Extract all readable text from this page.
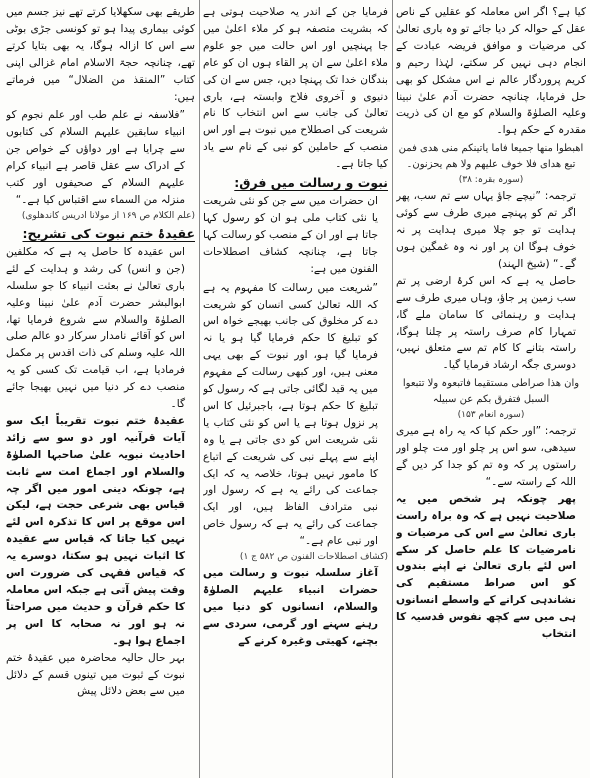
کیا ہے؟ اگر اس معاملہ کو عقلیں کے ناص عقل کے حوالہ کر دیا جائے تو وہ باری تعالیٰ کی مرضیات و موافق فریضہ عبادت کے انجام دہی نہیں کر سکتے، لہٰذا رحیم و کریم پروردگار عالم نے اس مشکل کو بھی حل فرمایا، چنانچہ حضرت آدم علیٰ نبینا وعلیہ الصلوٰۃ والسلام کو مع ان کی ذریت مقدرہ کے حکم ہوا۔

اھبطوا منھا جمیعا فاما یاتینکم منی ھدی فمن تبع ھدای فلا خوف علیھم ولا ھم یحزنون۔

(سورہ بقرہ: ۳۸)

ترجمہ: ”نیچے جاؤ یہاں سے تم سب، پھر اگر تم کو پہنچے میری طرف سے کوئی ہدایت تو جو چلا میری ہدایت پر نہ خوف ہوگا ان پر اور نہ وہ غمگین ہوں گے۔“ (شیخ الہند)

حاصل یہ ہے کہ اس کرۂ ارضی پر تم سب زمین پر جاؤ، وہاں میری طرف سے ہدایت و رہنمائی کا سامان ملے گا، تمہارا کام صرف راستہ پر چلنا ہوگا، راستہ بتانے کا کام تم سے متعلق نہیں، دوسری جگہ ارشاد فرمایا گیا۔

وان ھذا صراطی مستقیما فاتبعوہ ولا تتبعوا السبل فتفرق بکم عن سبیلہ

(سورہ انعام ۱۵۳)

ترجمہ: ”اور حکم کیا کہ یہ راہ ہے میری سیدھی، سو اس پر چلو اور مت چلو اور راستوں پر کہ وہ تم کو جدا کر دیں گے اللہ کے راستہ سے۔“

پھر چونکہ ہر شخص میں یہ صلاحیت نہیں ہے کہ وہ براہ راست باری تعالیٰ سے اس کی مرضیات و نامرضیات کا علم حاصل کر سکے اس لئے باری تعالیٰ نے اپنے بندوں کو اس صراط مستقیم کی نشاندہی کرانے کے واسطے انسانوں ہی میں سے کچھ نفوس قدسیہ کا انتخاب

فرمایا جن کے اندر یہ صلاحیت ہوتی ہے کہ بشریت متصفہ ہو کر ملاء اعلیٰ میں جا پہنچیں اور اس حالت میں جو علوم ملاء اعلیٰ سے ان پر القاء ہوں ان کو عام بندگان خدا تک پہنچا دیں، جس سے ان کی دنیوی و آخروی فلاح وابستہ ہے، باری تعالیٰ کی جانب سے اس انتخاب کا نام شریعت کی اصطلاح میں نبوت ہے اور اس منصب کے حاملین کو نبی کے نام سے یاد کیا جاتا ہے۔

نبوت و رسالت میں فرق:

ان حضرات میں سے جن کو نئی شریعت یا نئی کتاب ملی ہو ان کو رسول کہا جاتا ہے اور ان کے منصب کو رسالت کہا جاتا ہے، چنانچہ کشاف اصطلاحات الفنون میں ہے:

”شریعت میں رسالت کا مفہوم یہ ہے کہ اللہ تعالیٰ کسی انسان کو شریعت دے کر مخلوق کی جانب بھیجے خواہ اس کو تبلیغ کا حکم فرمایا گیا ہو یا نہ فرمایا گیا ہو، اور نبوت کے بھی یہی معنی ہیں، اور کبھی رسالت کے مفہوم میں یہ قید لگائی جاتی ہے کہ رسول کو تبلیغ کا حکم ہوتا ہے، باجبرئیل کا اس پر نزول ہوتا ہے یا اس کو نئی کتاب یا نئی شریعت اس کو دی جاتی ہے یا وہ اپنے سے پہلے نبی کی شریعت کے اتباع کا مامور نہیں ہوتا، خلاصہ یہ کہ ایک جماعت کی رائے یہ ہے کہ رسول اور نبی مترادف الفاظ ہیں، اور ایک جماعت کی رائے یہ ہے کہ رسول خاص اور نبی عام ہے۔“

(کشاف اصطلاحات الفنون ص ۵۸۲ ج ۱)

آغاز سلسلہ نبوت و رسالت میں حضرات انبیاء علیہم الصلوٰۃ والسلام، انسانوں کو دنیا میں رہنے سہنے اور گرمی، سردی سے بچنے، کھیتی وغیرہ کرنے کے

طریقے بھی سکھلایا کرتے تھے نیز جسم میں کوئی بیماری پیدا ہو تو کونسی جڑی بوٹی سے اس کا ازالہ ہوگا، یہ بھی بتایا کرتے تھے، چنانچہ حجۃ الاسلام امام غزالی اپنی کتاب ”المنقذ من الضلال“ میں فرماتے ہیں:

”فلاسفہ نے علم طب اور علم نجوم کو انبیاء سابقین علیہم السلام کی کتابوں سے چرایا ہے اور دواؤں کے خواص جن کے ادراک سے عقل قاصر ہے انبیاء کرام علیہم السلام کے صحیفوں اور کتب منزلہ من السماء سے اقتباس کیا ہے۔“

(علم الکلام ص ۱۶۹ از مولانا ادریس کاندھلوی)

عقیدۂ ختم نبوت کی تشریح:

اس عقیدہ کا حاصل یہ ہے کہ مکلفین (جن و انس) کی رشد و ہدایت کے لئے باری تعالیٰ نے بعثت انبیاء کا جو سلسلہ ابوالبشر حضرت آدم علیٰ نبینا وعلیہ الصلوٰۃ والسلام سے شروع فرمایا تھا، اس کو آقائے نامدار سرکار دو عالم صلی اللہ علیہ وسلم کی ذات اقدس پر مکمل فرمادیا ہے، اب قیامت تک کسی کو یہ منصب دے کر دنیا میں نہیں بھیجا جائے گا۔

عقیدۂ ختم نبوت تقریباً ایک سو آیات قرآنیہ اور دو سو سے زائد احادیث نبویہ علیٰ صاحبہا الصلوٰۃ والسلام اور اجماع امت سے ثابت ہے، چونکہ دینی امور میں اگر چہ قیاس بھی شرعی حجت ہے، لیکن اس موقع پر اس کا تذکرہ اس لئے نہیں کیا جاتا کہ قیاس سے عقیدہ کا اثبات نہیں ہو سکتا، دوسرے یہ کہ قیاس فقہی کی ضرورت اس وقت پیش آتی ہے جبکہ اس معاملہ کا حکم قرآن و حدیث میں صراحتاً نہ ہو اور نہ صحابہ کا اس پر اجماع ہوا ہو۔

بہر حال حالیہ محاضرہ میں عقیدۂ ختم نبوت کے ثبوت میں تینوں قسم کے دلائل میں سے بعض دلائل پیش
